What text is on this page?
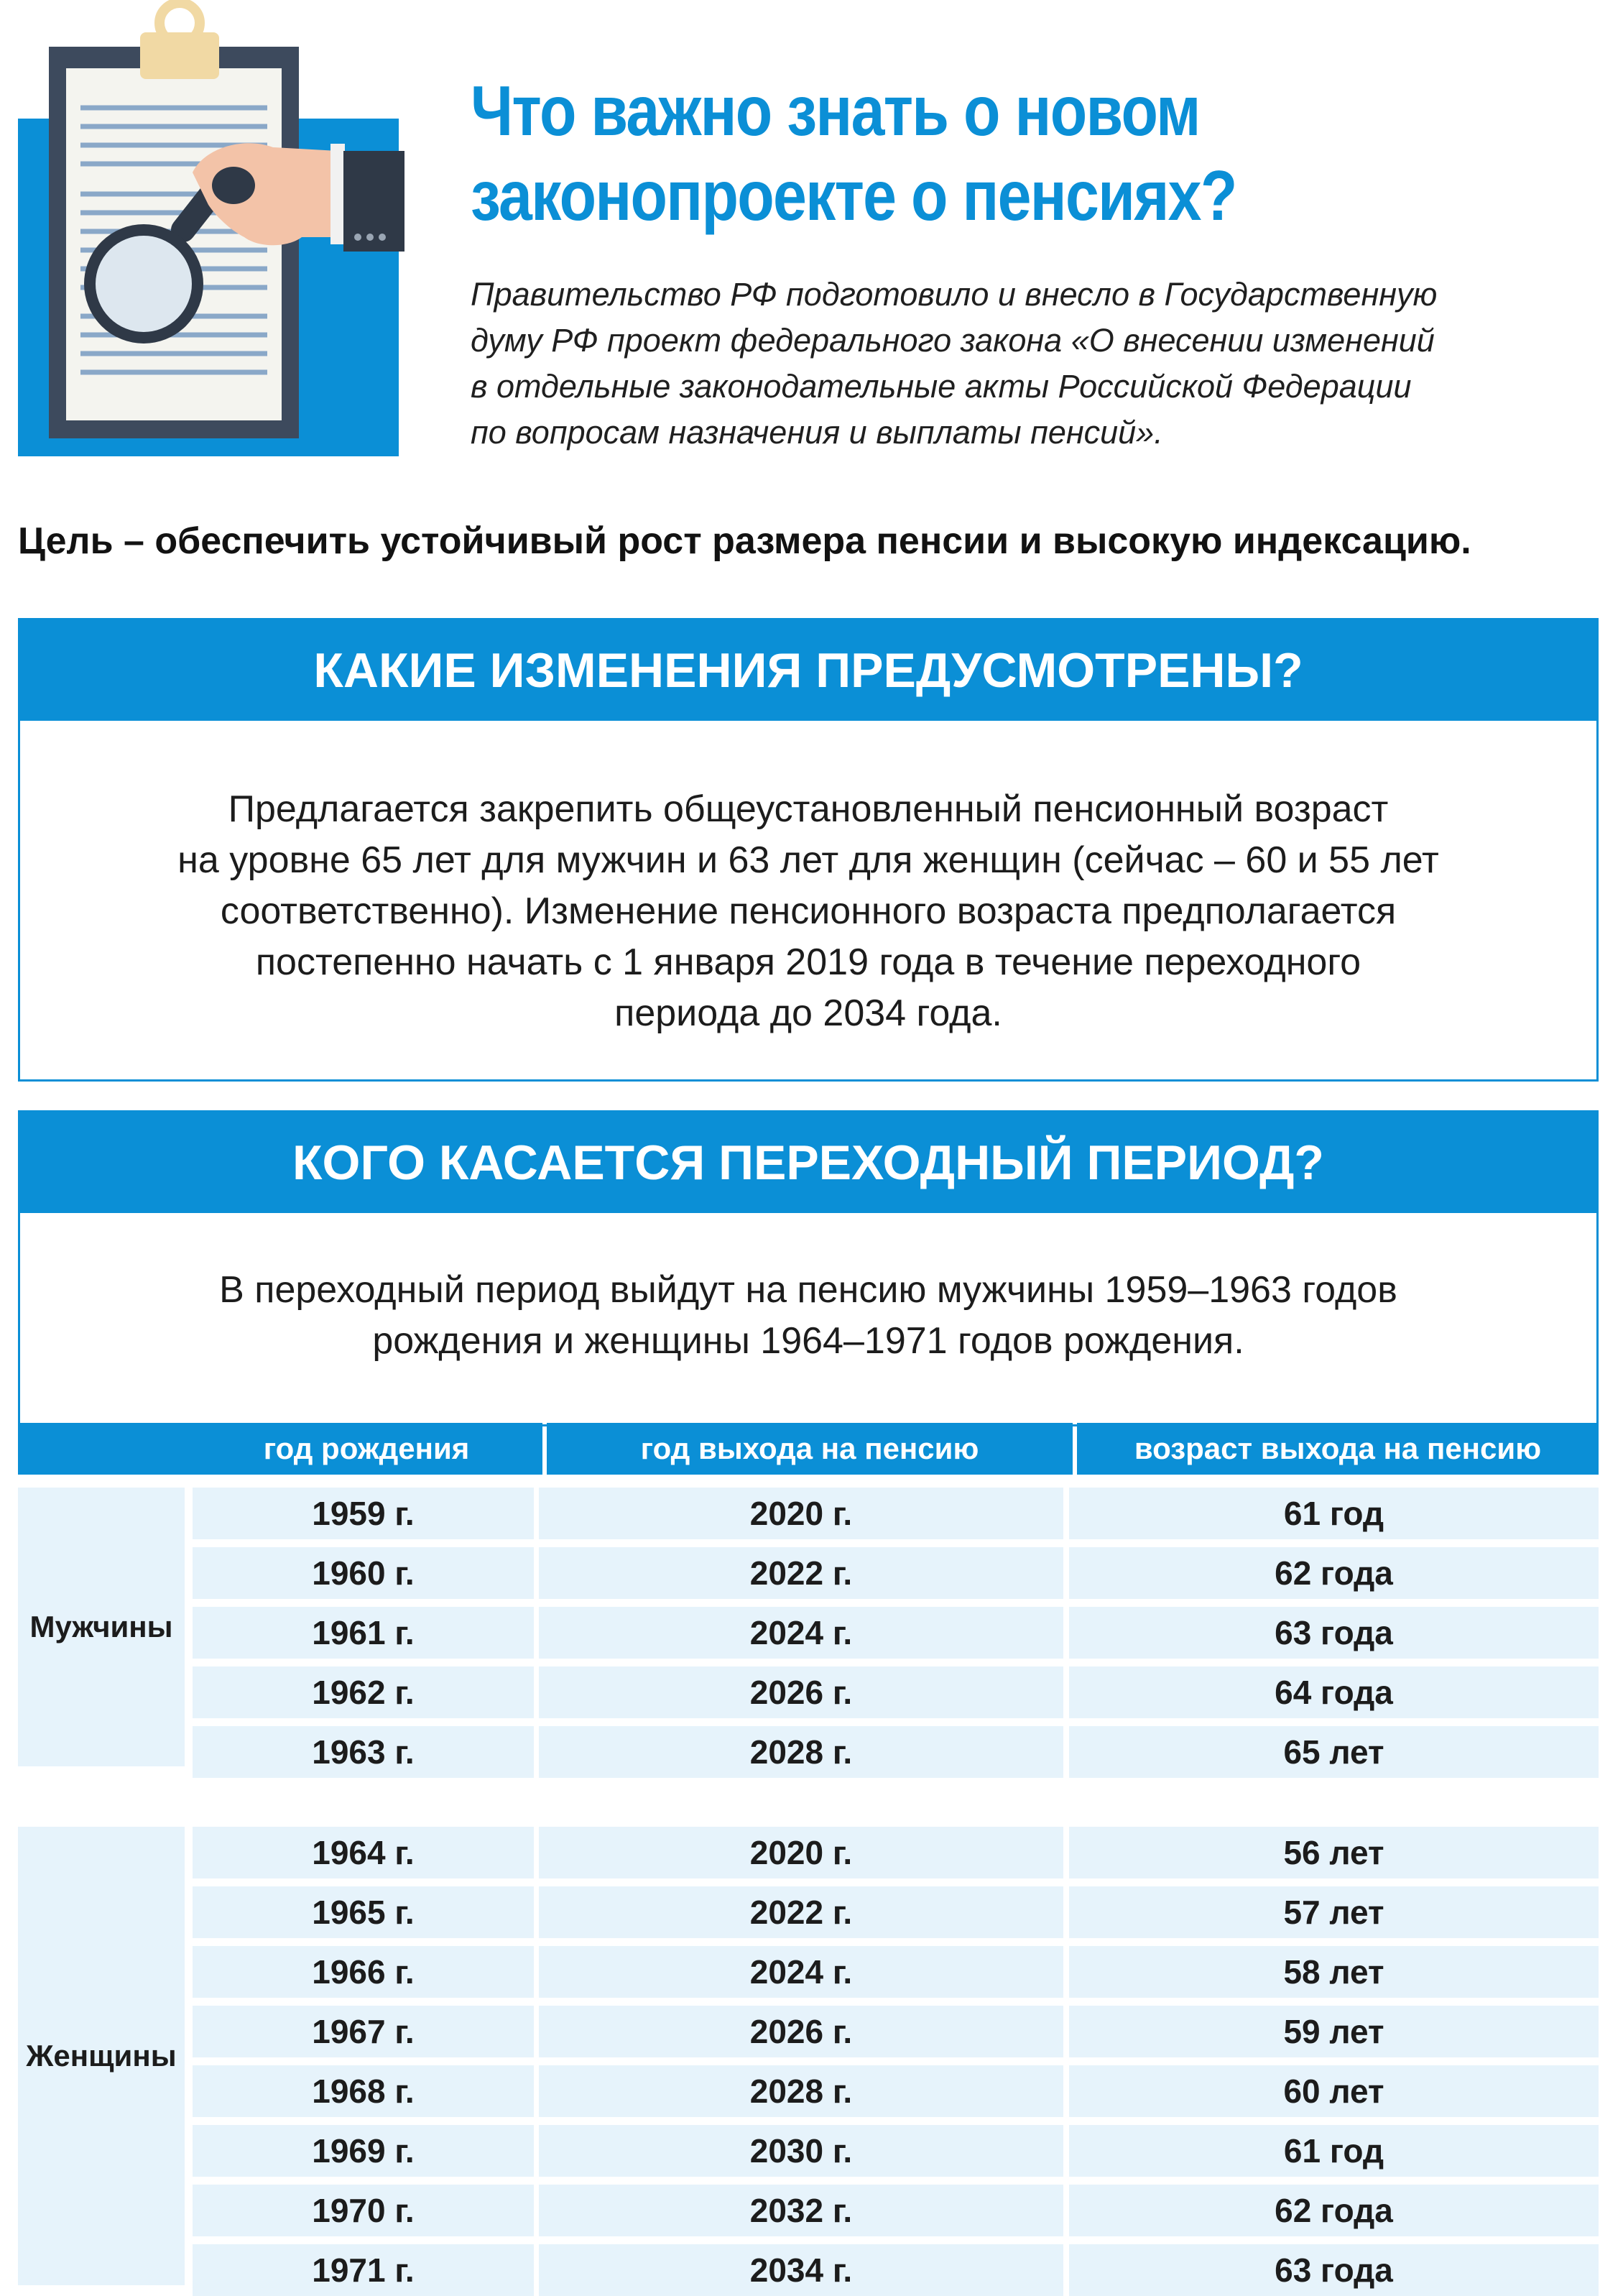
Что важно знать о новом
законопроекте о пенсиях?
Правительство РФ подготовило и внесло в Государственную
думу РФ проект федерального закона «О внесении изменений
в отдельные законодательные акты Российской Федерации
по вопросам назначения и выплаты пенсий».
Цель – обеспечить устойчивый рост размера пенсии и высокую индексацию.
КАКИЕ ИЗМЕНЕНИЯ ПРЕДУСМОТРЕНЫ?
Предлагается закрепить общеустановленный пенсионный возраст
на уровне 65 лет для мужчин и 63 лет для женщин (сейчас – 60 и 55 лет
соответственно). Изменение пенсионного возраста предполагается
постепенно начать с 1 января 2019 года в течение переходного
периода до 2034 года.
КОГО КАСАЕТСЯ ПЕРЕХОДНЫЙ ПЕРИОД?
В переходный период выйдут на пенсию мужчины 1959–1963 годов
рождения и женщины 1964–1971 годов рождения.
год рождения	год выхода на пенсию	возраст выхода на пенсию
Мужчины
1959 г.	2020 г.	61 год
1960 г.	2022 г.	62 года
1961 г.	2024 г.	63 года
1962 г.	2026 г.	64 года
1963 г.	2028 г.	65 лет
Женщины
1964 г.	2020 г.	56 лет
1965 г.	2022 г.	57 лет
1966 г.	2024 г.	58 лет
1967 г.	2026 г.	59 лет
1968 г.	2028 г.	60 лет
1969 г.	2030 г.	61 год
1970 г.	2032 г.	62 года
1971 г.	2034 г.	63 года
